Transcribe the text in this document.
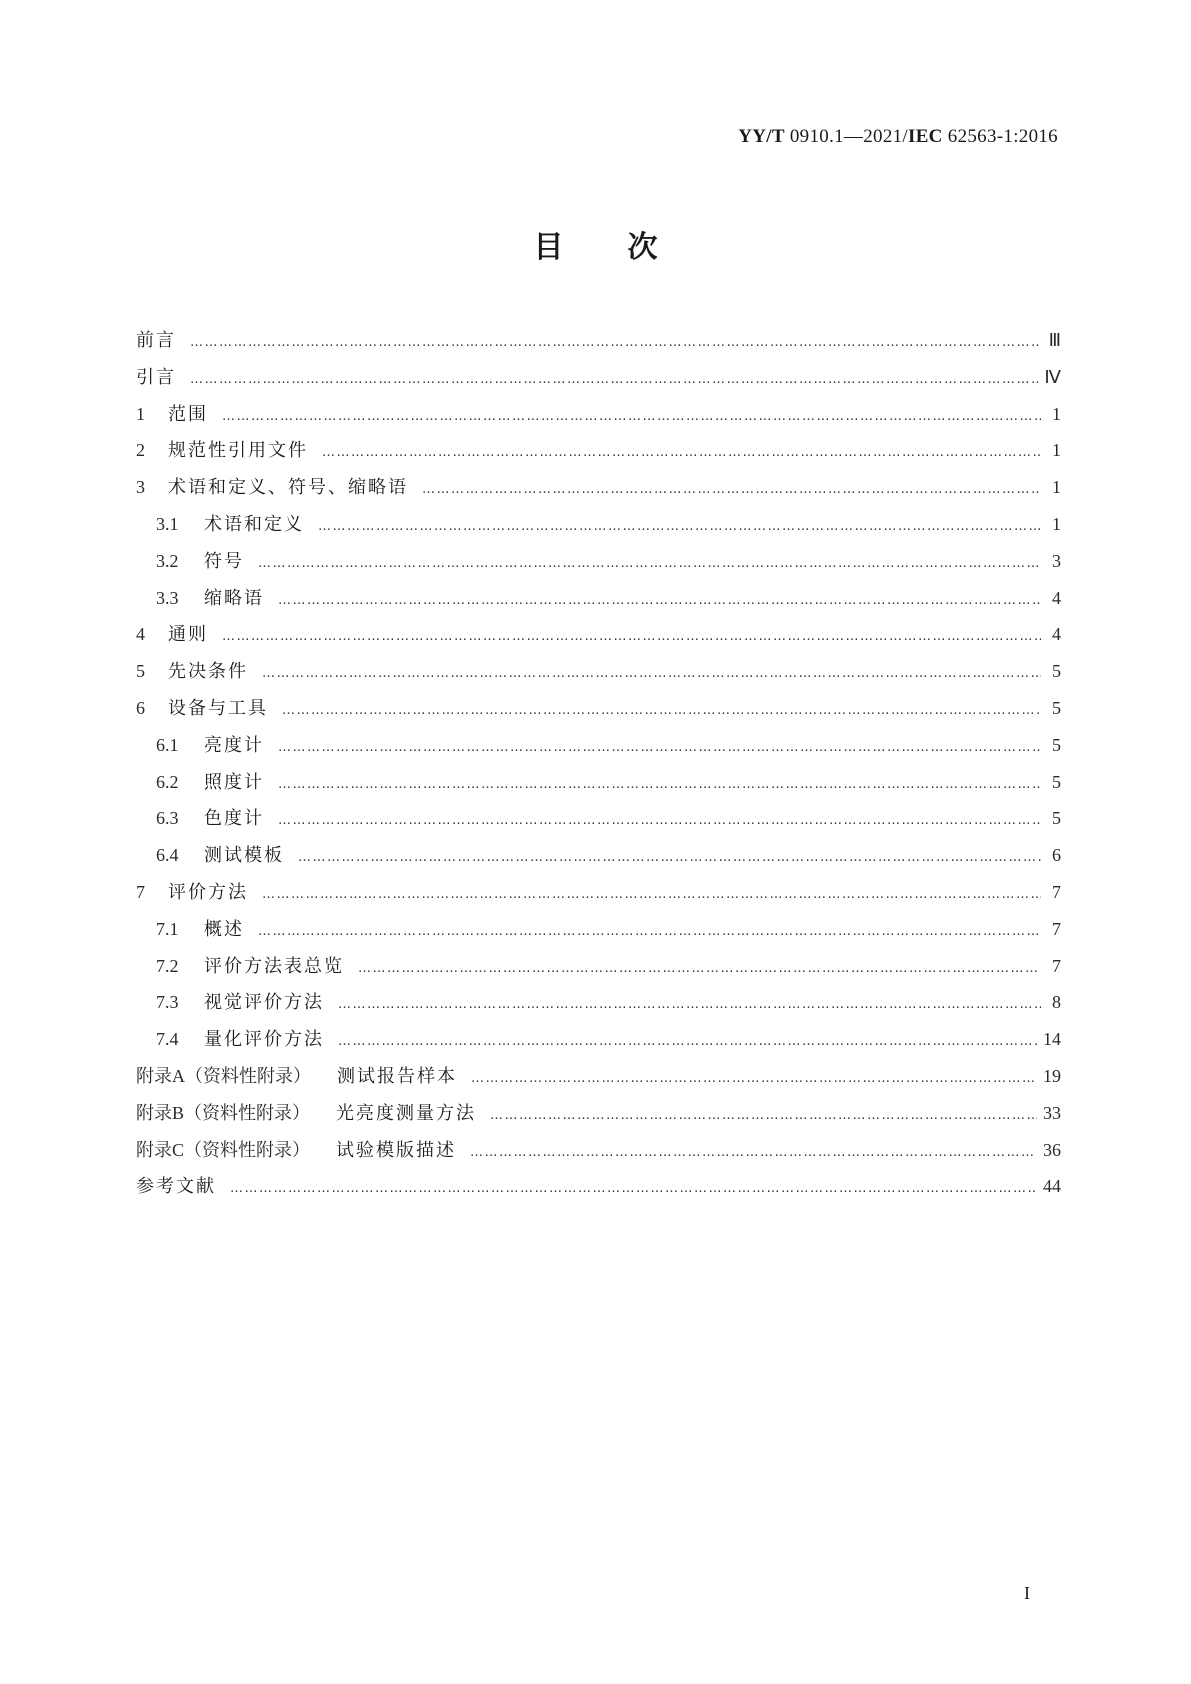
YY/T 0910.1—2021/IEC 62563-1:2016
目次
前言 …………………………………………………………………………………………………………………………………………………………………………………………………………………………………	Ⅲ
引言 …………………………………………………………………………………………………………………………………………………………………………………………………………………………………	Ⅳ
1	范围 …………………………………………………………………………………………………………………………………………………………………………………………………………………………………	1
2	规范性引用文件 …………………………………………………………………………………………………………………………………………………………………………………………………………………………………	1
3	术语和定义、符号、缩略语 …………………………………………………………………………………………………………………………………………………………………………………………………………………………………	1
3.1	术语和定义 …………………………………………………………………………………………………………………………………………………………………………………………………………………………………	1
3.2	符号 …………………………………………………………………………………………………………………………………………………………………………………………………………………………………	3
3.3	缩略语 …………………………………………………………………………………………………………………………………………………………………………………………………………………………………	4
4	通则 …………………………………………………………………………………………………………………………………………………………………………………………………………………………………	4
5	先决条件 …………………………………………………………………………………………………………………………………………………………………………………………………………………………………	5
6	设备与工具 …………………………………………………………………………………………………………………………………………………………………………………………………………………………………	5
6.1	亮度计 …………………………………………………………………………………………………………………………………………………………………………………………………………………………………	5
6.2	照度计 …………………………………………………………………………………………………………………………………………………………………………………………………………………………………	5
6.3	色度计 …………………………………………………………………………………………………………………………………………………………………………………………………………………………………	5
6.4	测试模板 …………………………………………………………………………………………………………………………………………………………………………………………………………………………………	6
7	评价方法 …………………………………………………………………………………………………………………………………………………………………………………………………………………………………	7
7.1	概述 …………………………………………………………………………………………………………………………………………………………………………………………………………………………………	7
7.2	评价方法表总览 …………………………………………………………………………………………………………………………………………………………………………………………………………………………………	7
7.3	视觉评价方法 …………………………………………………………………………………………………………………………………………………………………………………………………………………………………	8
7.4	量化评价方法 …………………………………………………………………………………………………………………………………………………………………………………………………………………………………	14
附录A（资料性附录） 测试报告样本 …………………………………………………………………………………………………………………………………………………………………………………………………………………………………	19
附录B（资料性附录） 光亮度测量方法 …………………………………………………………………………………………………………………………………………………………………………………………………………………………………	33
附录C（资料性附录） 试验模版描述 …………………………………………………………………………………………………………………………………………………………………………………………………………………………………	36
参考文献 …………………………………………………………………………………………………………………………………………………………………………………………………………………………………	44
I
